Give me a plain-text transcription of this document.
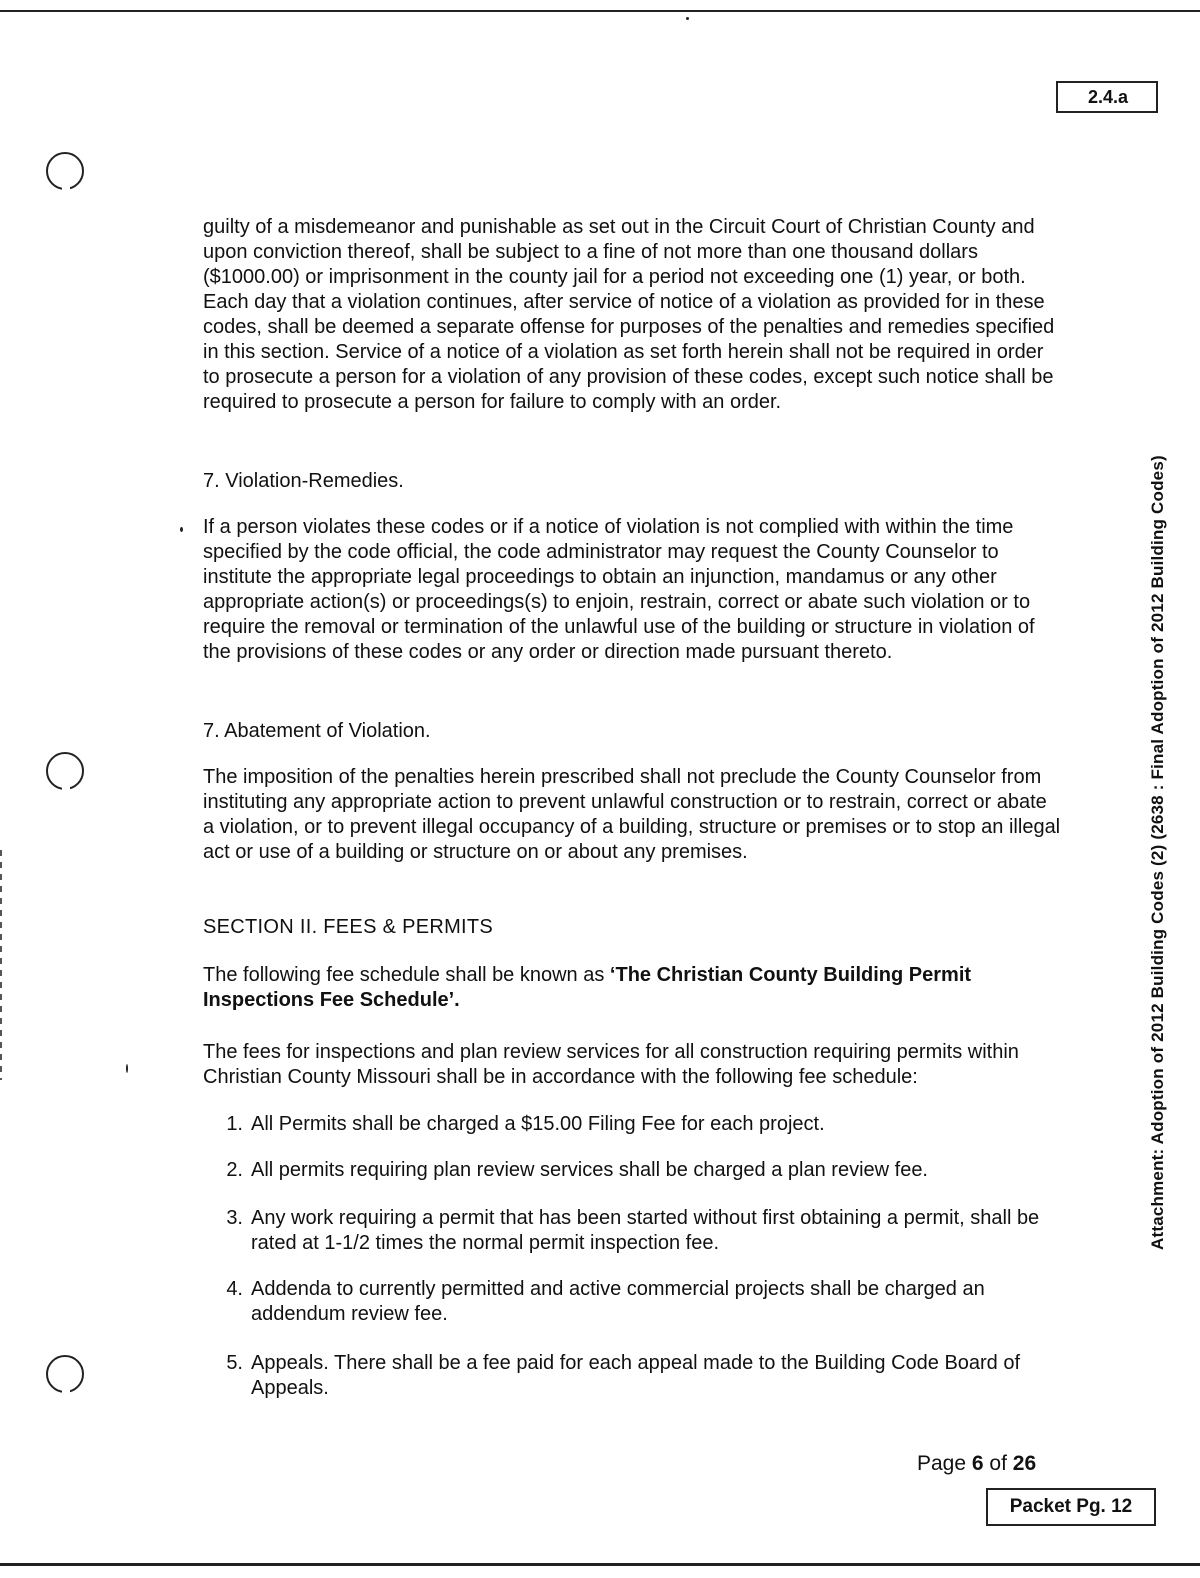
2.4.a
Attachment: Adoption of 2012 Building Codes (2) (2638 : Final Adoption of 2012 Building Codes)

guilty of a misdemeanor and punishable as set out in the Circuit Court of Christian County and upon conviction thereof, shall be subject to a fine of not more than one thousand dollars ($1000.00) or imprisonment in the county jail for a period not exceeding one (1) year, or both. Each day that a violation continues, after service of notice of a violation as provided for in these codes, shall be deemed a separate offense for purposes of the penalties and remedies specified in this section. Service of a notice of a violation as set forth herein shall not be required in order to prosecute a person for a violation of any provision of these codes, except such notice shall be required to prosecute a person for failure to comply with an order.

7. Violation-Remedies.

If a person violates these codes or if a notice of violation is not complied with within the time specified by the code official, the code administrator may request the County Counselor to institute the appropriate legal proceedings to obtain an injunction, mandamus or any other appropriate action(s) or proceedings(s) to enjoin, restrain, correct or abate such violation or to require the removal or termination of the unlawful use of the building or structure in violation of the provisions of these codes or any order or direction made pursuant thereto.

7. Abatement of Violation.

The imposition of the penalties herein prescribed shall not preclude the County Counselor from instituting any appropriate action to prevent unlawful construction or to restrain, correct or abate a violation, or to prevent illegal occupancy of a building, structure or premises or to stop an illegal act or use of a building or structure on or about any premises.

SECTION II. FEES & PERMITS

The following fee schedule shall be known as ‘The Christian County Building Permit Inspections Fee Schedule’.

The fees for inspections and plan review services for all construction requiring permits within Christian County Missouri shall be in accordance with the following fee schedule:

1. All Permits shall be charged a $15.00 Filing Fee for each project.
2. All permits requiring plan review services shall be charged a plan review fee.
3. Any work requiring a permit that has been started without first obtaining a permit, shall be rated at 1-1/2 times the normal permit inspection fee.
4. Addenda to currently permitted and active commercial projects shall be charged an addendum review fee.
5. Appeals. There shall be a fee paid for each appeal made to the Building Code Board of Appeals.
Page 6 of 26
Packet Pg. 12
